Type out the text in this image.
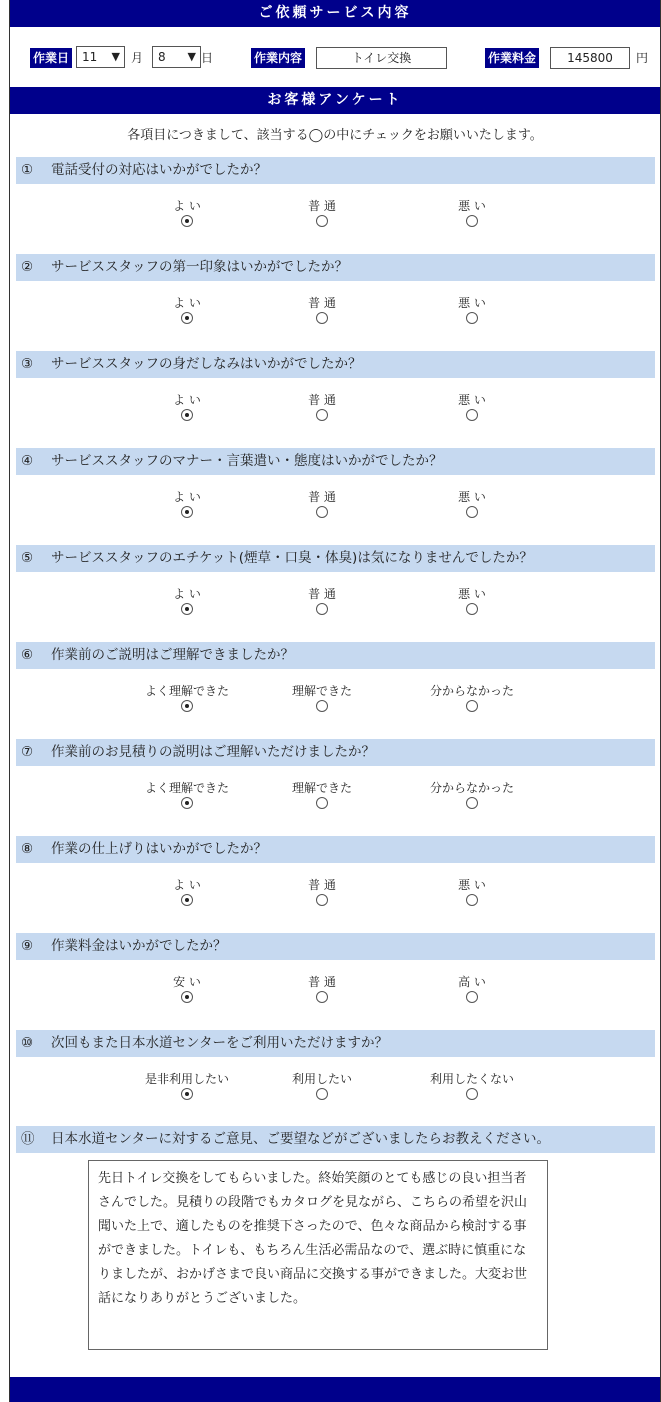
ご依頼サービス内容
作業日	11 ▼ 月	8 ▼ 日	作業内容	トイレ交換	作業料金	145800	円
お客様アンケート
各項目につきまして、該当する◯の中にチェックをお願いいたします。
① 電話受付の対応はいかがでしたか？
よ い	普 通	悪 い
② サービススタッフの第一印象はいかがでしたか？
よ い	普 通	悪 い
③ サービススタッフの身だしなみはいかがでしたか？
よ い	普 通	悪 い
④ サービススタッフのマナー・言葉遣い・態度はいかがでしたか？
よ い	普 通	悪 い
⑤ サービススタッフのエチケット(煙草・口臭・体臭)は気になりませんでしたか？
よ い	普 通	悪 い
⑥ 作業前のご説明はご理解できましたか？
よく理解できた	理解できた	分からなかった
⑦ 作業前のお見積りの説明はご理解いただけましたか？
よく理解できた	理解できた	分からなかった
⑧ 作業の仕上げりはいかがでしたか？
よ い	普 通	悪 い
⑨ 作業料金はいかがでしたか？
安 い	普 通	高 い
⑩ 次回もまた日本水道センターをご利用いただけますか？
是非利用したい	利用したい	利用したくない
⑪ 日本水道センターに対するご意見、ご要望などがございましたらお教えください。
先日トイレ交換をしてもらいました。終始笑顔のとても感じの良い担当者さんでした。見積りの段階でもカタログを見ながら、こちらの希望を沢山聞いた上で、適したものを推奨下さったので、色々な商品から検討する事ができました。トイレも、もちろん生活必需品なので、選ぶ時に慎重になりましたが、おかげさまで良い商品に交換する事ができました。大変お世話になりありがとうございました。
